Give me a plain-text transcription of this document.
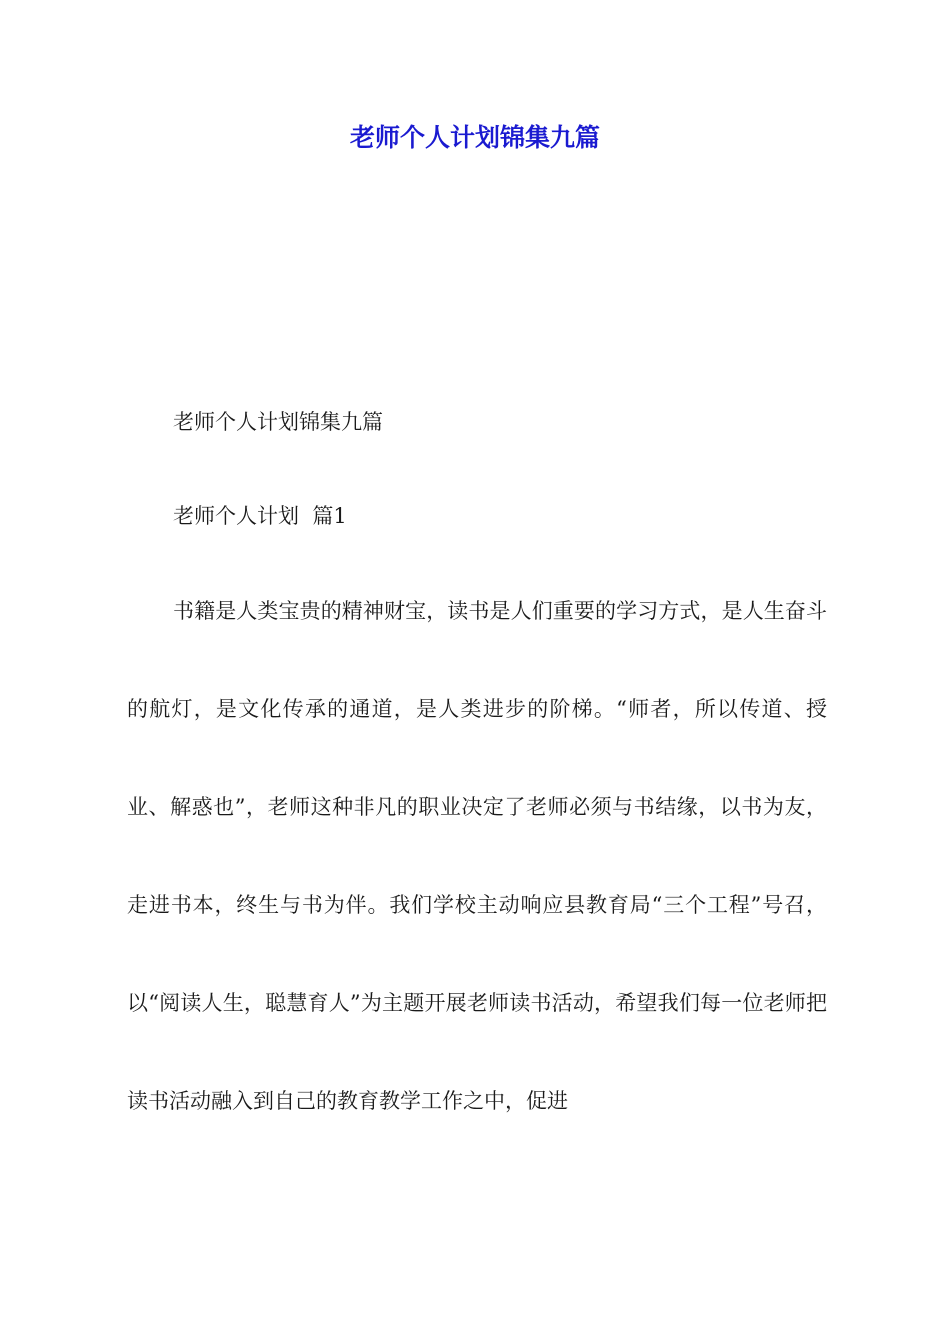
老师个人计划锦集九篇

老师个人计划锦集九篇

老师个人计划  篇1

书籍是人类宝贵的精神财宝，读书是人们重要的学习方式，是人生奋斗的航灯，是文化传承的通道，是人类进步的阶梯。“师者，所以传道、授业、解惑也”，老师这种非凡的职业决定了老师必须与书结缘，以书为友，走进书本，终生与书为伴。我们学校主动响应县教育局“三个工程”号召，以“阅读人生，聪慧育人”为主题开展老师读书活动，希望我们每一位老师把读书活动融入到自己的教育教学工作之中，促进
